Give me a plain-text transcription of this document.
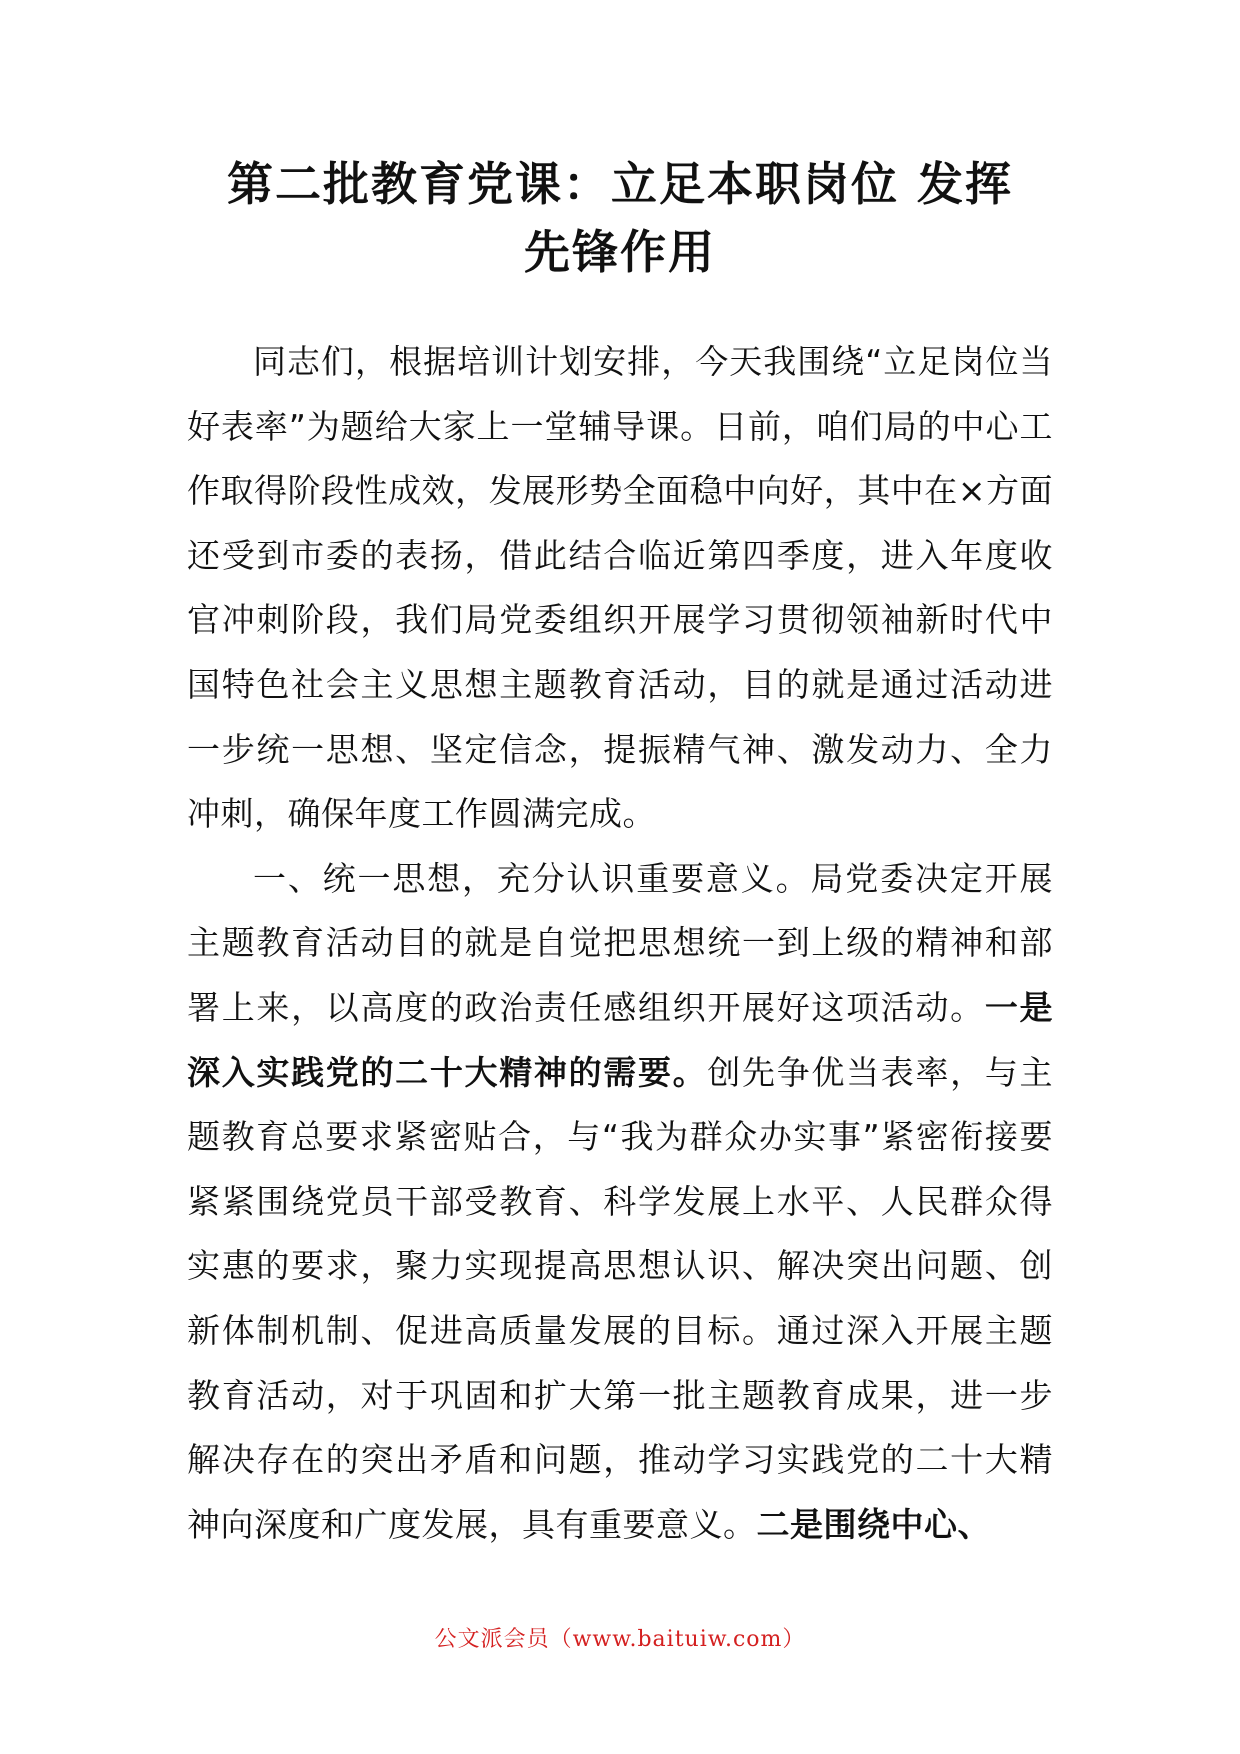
第二批教育党课：立足本职岗位 发挥
先锋作用

同志们，根据培训计划安排，今天我围绕“立足岗位当好表率”为题给大家上一堂辅导课。日前，咱们局的中心工作取得阶段性成效，发展形势全面稳中向好，其中在×方面还受到市委的表扬，借此结合临近第四季度，进入年度收官冲刺阶段，我们局党委组织开展学习贯彻领袖新时代中国特色社会主义思想主题教育活动，目的就是通过活动进一步统一思想、坚定信念，提振精气神、激发动力、全力冲刺，确保年度工作圆满完成。

一、统一思想，充分认识重要意义。局党委决定开展主题教育活动目的就是自觉把思想统一到上级的精神和部署上来，以高度的政治责任感组织开展好这项活动。一是深入实践党的二十大精神的需要。创先争优当表率，与主题教育总要求紧密贴合，与“我为群众办实事”紧密衔接要紧紧围绕党员干部受教育、科学发展上水平、人民群众得实惠的要求，聚力实现提高思想认识、解决突出问题、创新体制机制、促进高质量发展的目标。通过深入开展主题教育活动，对于巩固和扩大第一批主题教育成果，进一步解决存在的突出矛盾和问题，推动学习实践党的二十大精神向深度和广度发展，具有重要意义。二是围绕中心、

公文派会员（www.baituiw.com）
